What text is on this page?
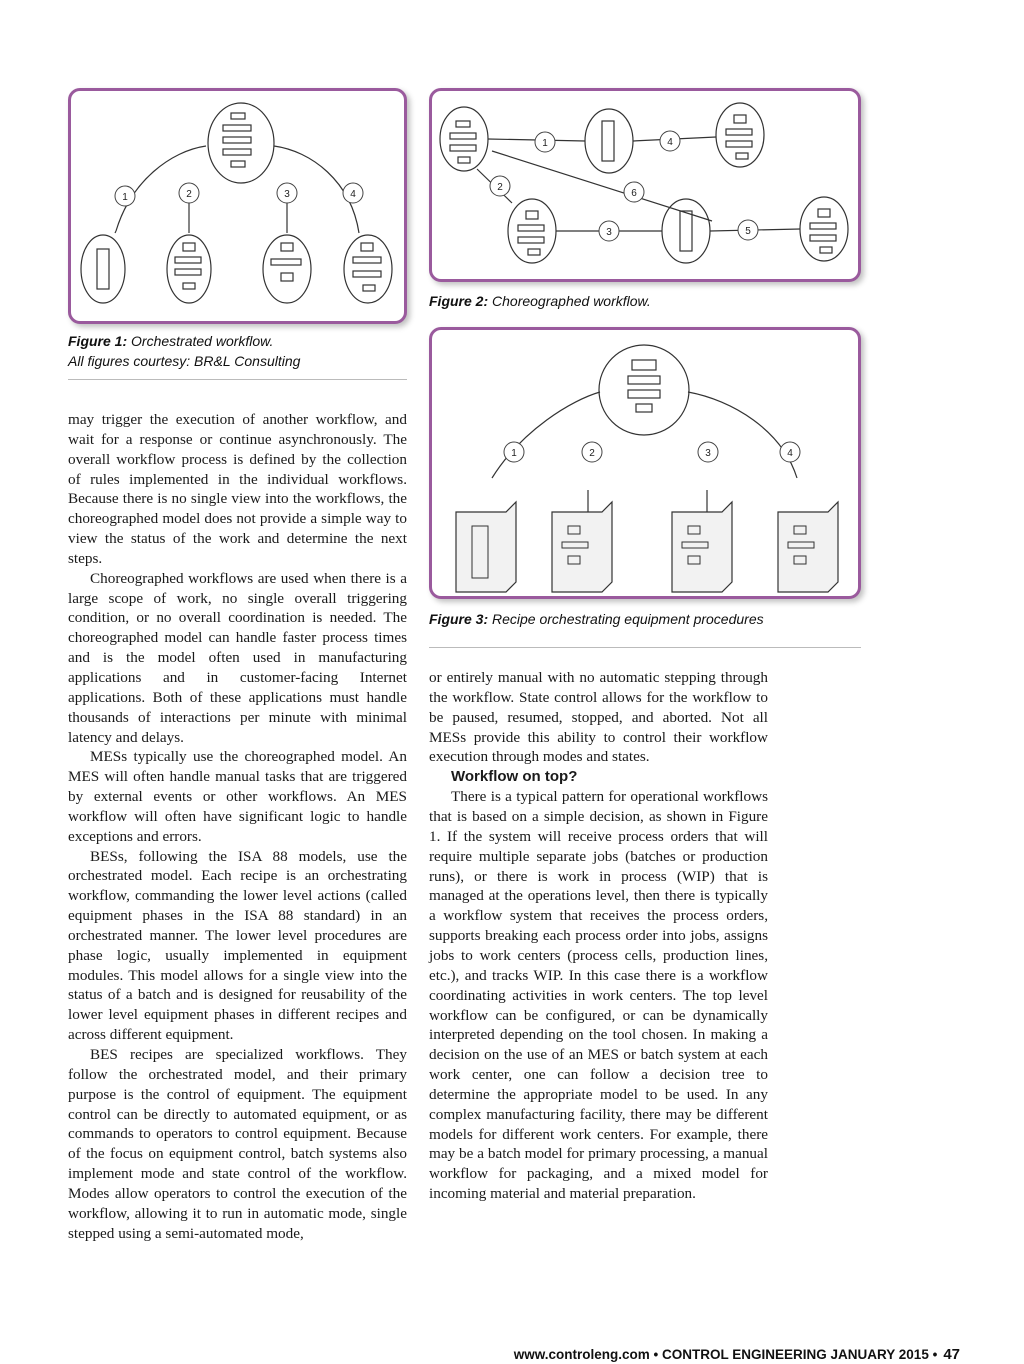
1	2	3	4
Figure 1: Orchestrated workflow.
All figures courtesy: BR&L Consulting
1
2
3
4
5
6
Figure 2: Choreographed workflow.
1	2	3	4
Figure 3: Recipe orchestrating equipment procedures

may trigger the execution of another workflow, and wait for a response or continue asynchronously. The overall workflow process is defined by the collection of rules implemented in the individual workflows. Because there is no single view into the workflows, the choreographed model does not provide a simple way to view the status of the work and determine the next steps.

Choreographed workflows are used when there is a large scope of work, no single overall triggering condition, or no overall coordination is needed. The choreographed model can handle faster process times and is the model often used in manufacturing applications and in customer-facing Internet applications. Both of these applications must handle thousands of interactions per minute with minimal latency and delays.

MESs typically use the choreographed model. An MES will often handle manual tasks that are triggered by external events or other workflows. An MES workflow will often have significant logic to handle exceptions and errors.

BESs, following the ISA 88 models, use the orchestrated model. Each recipe is an orchestrating workflow, commanding the lower level actions (called equipment phases in the ISA 88 standard) in an orchestrated manner. The lower level procedures are phase logic, usually implemented in equipment modules. This model allows for a single view into the status of a batch and is designed for reusability of the lower level equipment phases in different recipes and across different equipment.

BES recipes are specialized workflows. They follow the orchestrated model, and their primary purpose is the control of equipment. The equipment control can be directly to automated equipment, or as commands to operators to control equipment. Because of the focus on equipment control, batch systems also implement mode and state control of the workflow. Modes allow operators to control the execution of the workflow, allowing it to run in automatic mode, single stepped using a semi-automated mode,

or entirely manual with no automatic stepping through the workflow. State control allows for the workflow to be paused, resumed, stopped, and aborted. Not all MESs provide this ability to control their workflow execution through modes and states.

Workflow on top?

There is a typical pattern for operational workflows that is based on a simple decision, as shown in Figure 1. If the system will receive process orders that will require multiple separate jobs (batches or production runs), or there is work in process (WIP) that is managed at the operations level, then there is typically a workflow system that receives the process orders, supports breaking each process order into jobs, assigns jobs to work centers (process cells, production lines, etc.), and tracks WIP. In this case there is a workflow coordinating activities in work centers. The top level workflow can be configured, or can be dynamically interpreted depending on the tool chosen. In making a decision on the use of an MES or batch system at each work center, one can follow a decision tree to determine the appropriate model to be used. In any complex manufacturing facility, there may be different models for different work centers. For example, there may be a batch model for primary processing, a manual workflow for packaging, and a mixed model for incoming material and material preparation.

www.controleng.com • CONTROL ENGINEERING JANUARY 2015 • 47
